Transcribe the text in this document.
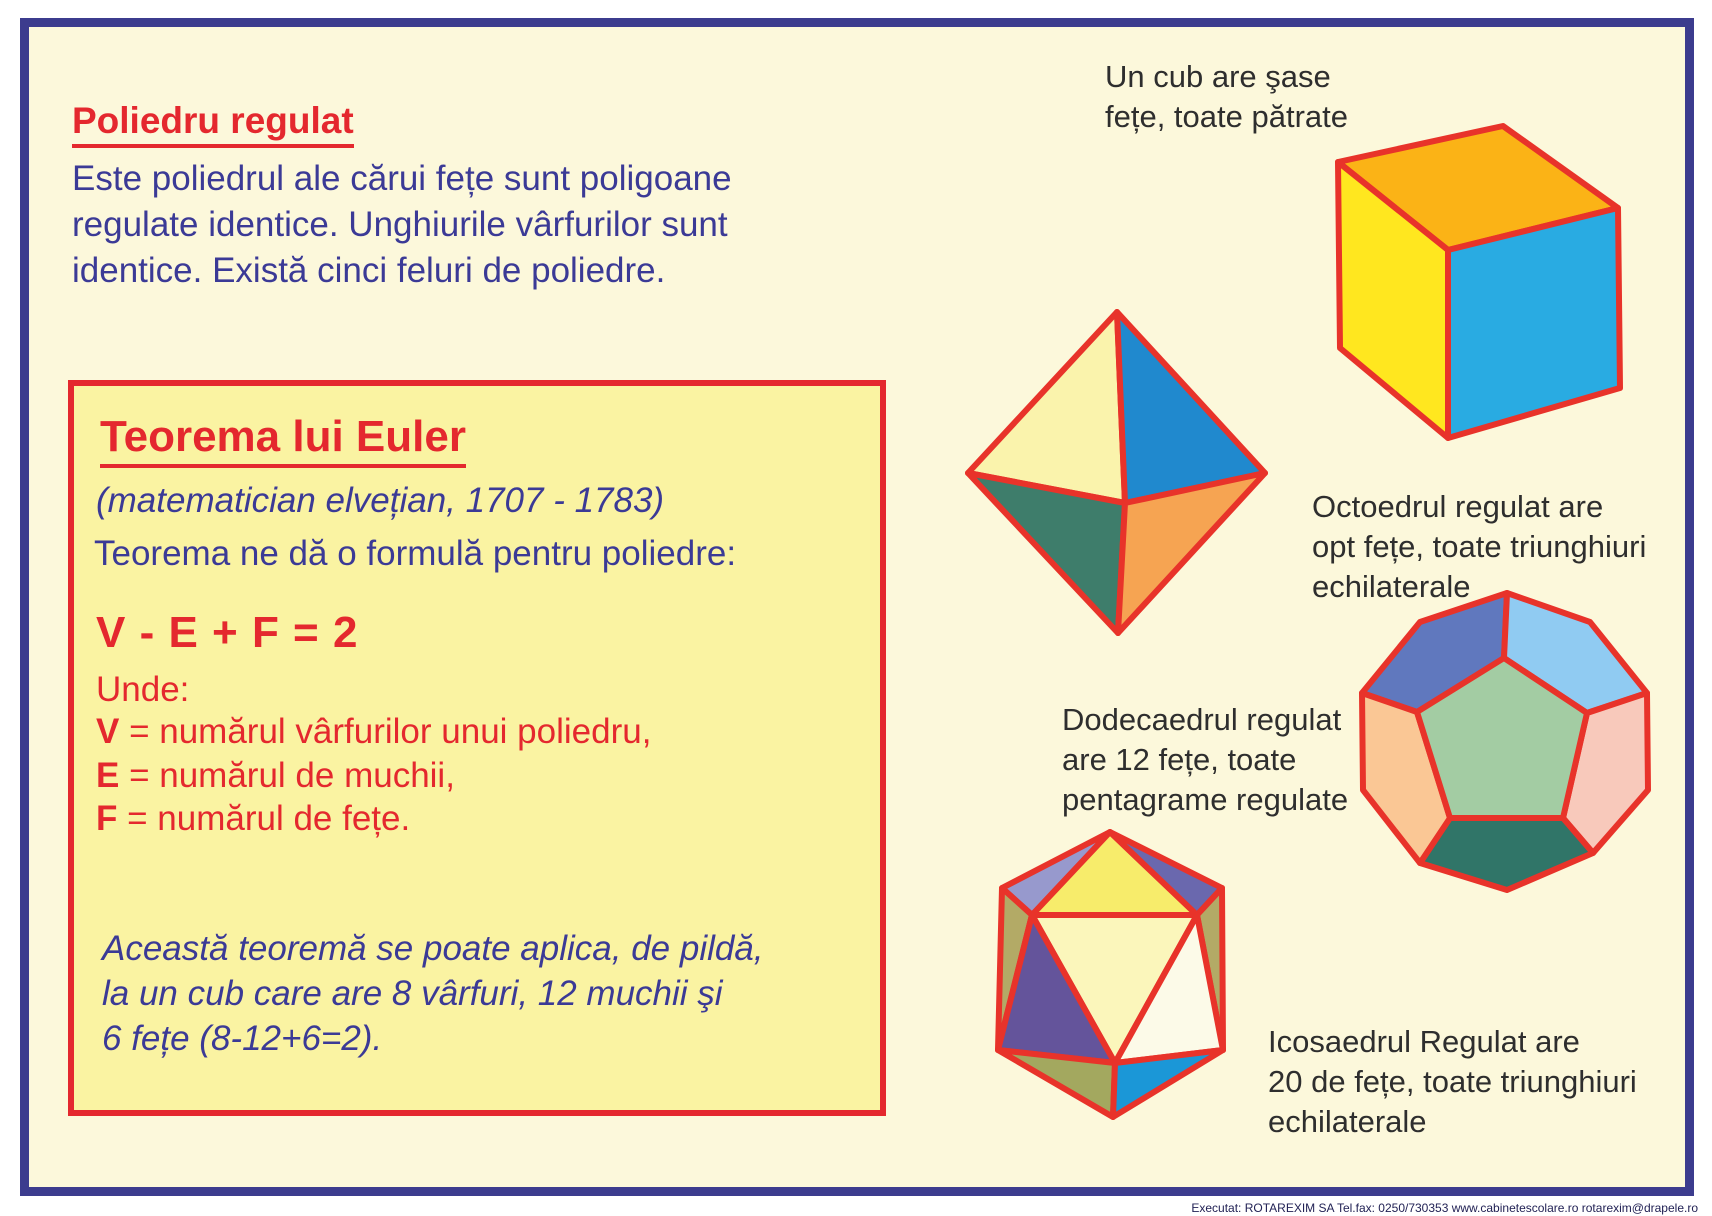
Poliedru regulat
Este poliedrul ale cărui fețe sunt poligoane
regulate identice. Unghiurile vârfurilor sunt
identice. Există cinci feluri de poliedre.
Teorema lui Euler
(matematician elvețian, 1707 - 1783)
Teorema ne dă o formulă pentru poliedre:
V - E + F = 2
Unde:
V = numărul vârfurilor unui poliedru,
E = numărul de muchii,
F = numărul de fețe.
Această teoremă se poate aplica, de pildă,
la un cub care are 8 vârfuri, 12 muchii şi
6 fețe (8-12+6=2).
Un cub are şase
fețe, toate pătrate
Octoedrul regulat are
opt fețe, toate triunghiuri
echilaterale
Dodecaedrul regulat
are 12 fețe, toate
pentagrame regulate
Icosaedrul Regulat are
20 de fețe, toate triunghiuri
echilaterale
Executat: ROTAREXIM SA Tel.fax: 0250/730353 www.cabinetescolare.ro rotarexim@drapele.ro
